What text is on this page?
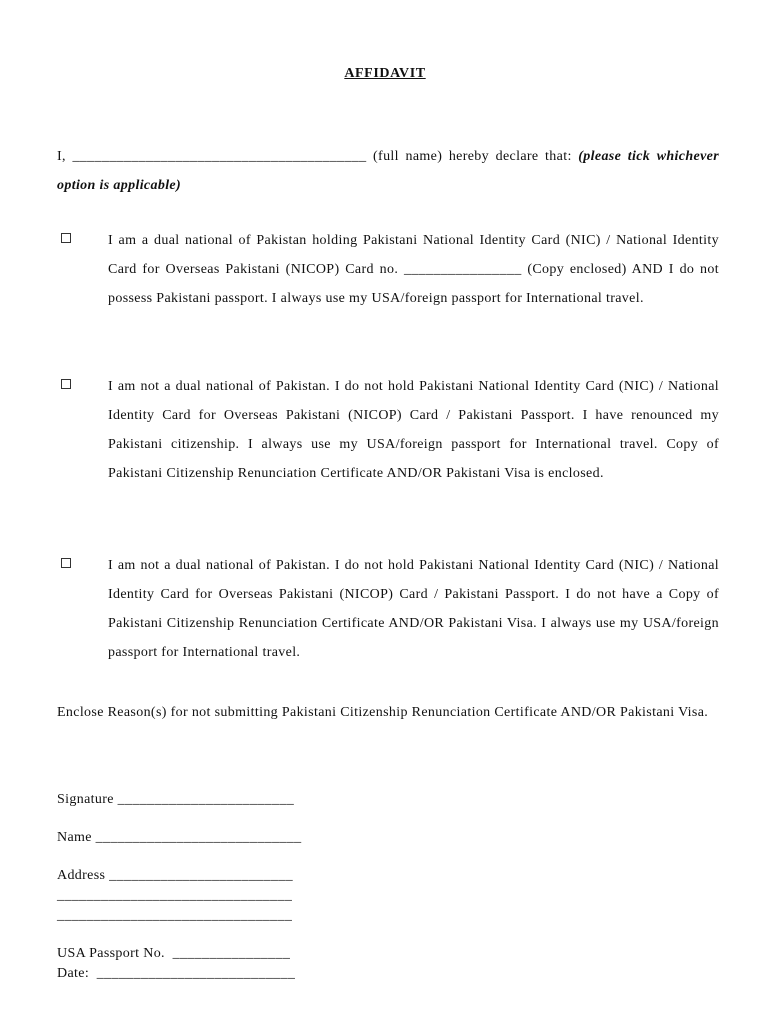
AFFIDAVIT
I, ________________________________________ (full name) hereby declare that: (please tick whichever option is applicable)
I am a dual national of Pakistan holding Pakistani National Identity Card (NIC) / National Identity Card for Overseas Pakistani (NICOP) Card no. ________________ (Copy enclosed) AND I do not possess Pakistani passport. I always use my USA/foreign passport for International travel.
I am not a dual national of Pakistan. I do not hold Pakistani National Identity Card (NIC) / National Identity Card for Overseas Pakistani (NICOP) Card / Pakistani Passport. I have renounced my Pakistani citizenship. I always use my USA/foreign passport for International travel. Copy of Pakistani Citizenship Renunciation Certificate AND/OR Pakistani Visa is enclosed.
I am not a dual national of Pakistan. I do not hold Pakistani National Identity Card (NIC) / National Identity Card for Overseas Pakistani (NICOP) Card / Pakistani Passport. I do not have a Copy of Pakistani Citizenship Renunciation Certificate AND/OR Pakistani Visa. I always use my USA/foreign passport for International travel.
Enclose Reason(s) for not submitting Pakistani Citizenship Renunciation Certificate AND/OR Pakistani Visa.
Signature ________________________
Name ____________________________
Address _________________________
________________________________
________________________________
USA Passport No.  ________________
Date:  ___________________________
